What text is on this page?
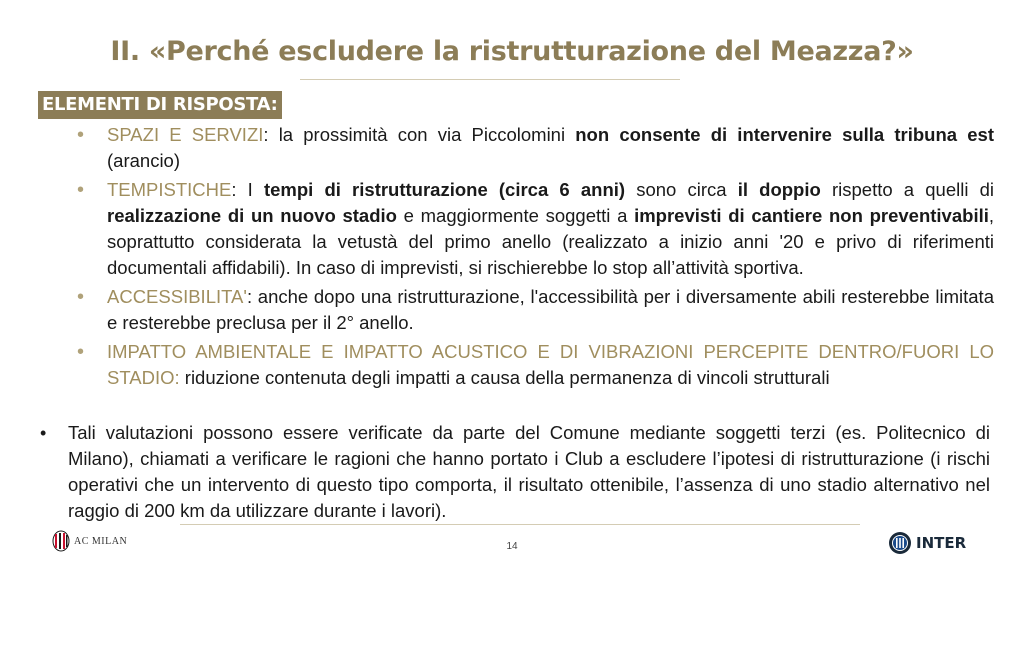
II. «Perché escludere la ristrutturazione del Meazza?»
ELEMENTI DI RISPOSTA:
• SPAZI E SERVIZI: la prossimità con via Piccolomini non consente di intervenire sulla tribuna est (arancio)
• TEMPISTICHE: I tempi di ristrutturazione (circa 6 anni) sono circa il doppio rispetto a quelli di realizzazione di un nuovo stadio e maggiormente soggetti a imprevisti di cantiere non preventivabili, soprattutto considerata la vetustà del primo anello (realizzato a inizio anni '20 e privo di riferimenti documentali affidabili). In caso di imprevisti, si rischierebbe lo stop all’attività sportiva.
• ACCESSIBILITA': anche dopo una ristrutturazione, l'accessibilità per i diversamente abili resterebbe limitata e resterebbe preclusa per il 2° anello.
• IMPATTO AMBIENTALE E IMPATTO ACUSTICO E DI VIBRAZIONI PERCEPITE DENTRO/FUORI LO STADIO: riduzione contenuta degli impatti a causa della permanenza di vincoli strutturali
• Tali valutazioni possono essere verificate da parte del Comune mediante soggetti terzi (es. Politecnico di Milano), chiamati a verificare le ragioni che hanno portato i Club a escludere l’ipotesi di ristrutturazione (i rischi operativi che un intervento di questo tipo comporta, il risultato ottenibile, l’assenza di uno stadio alternativo nel raggio di 200 km da utilizzare durante i lavori).
AC MILAN	14	INTER
